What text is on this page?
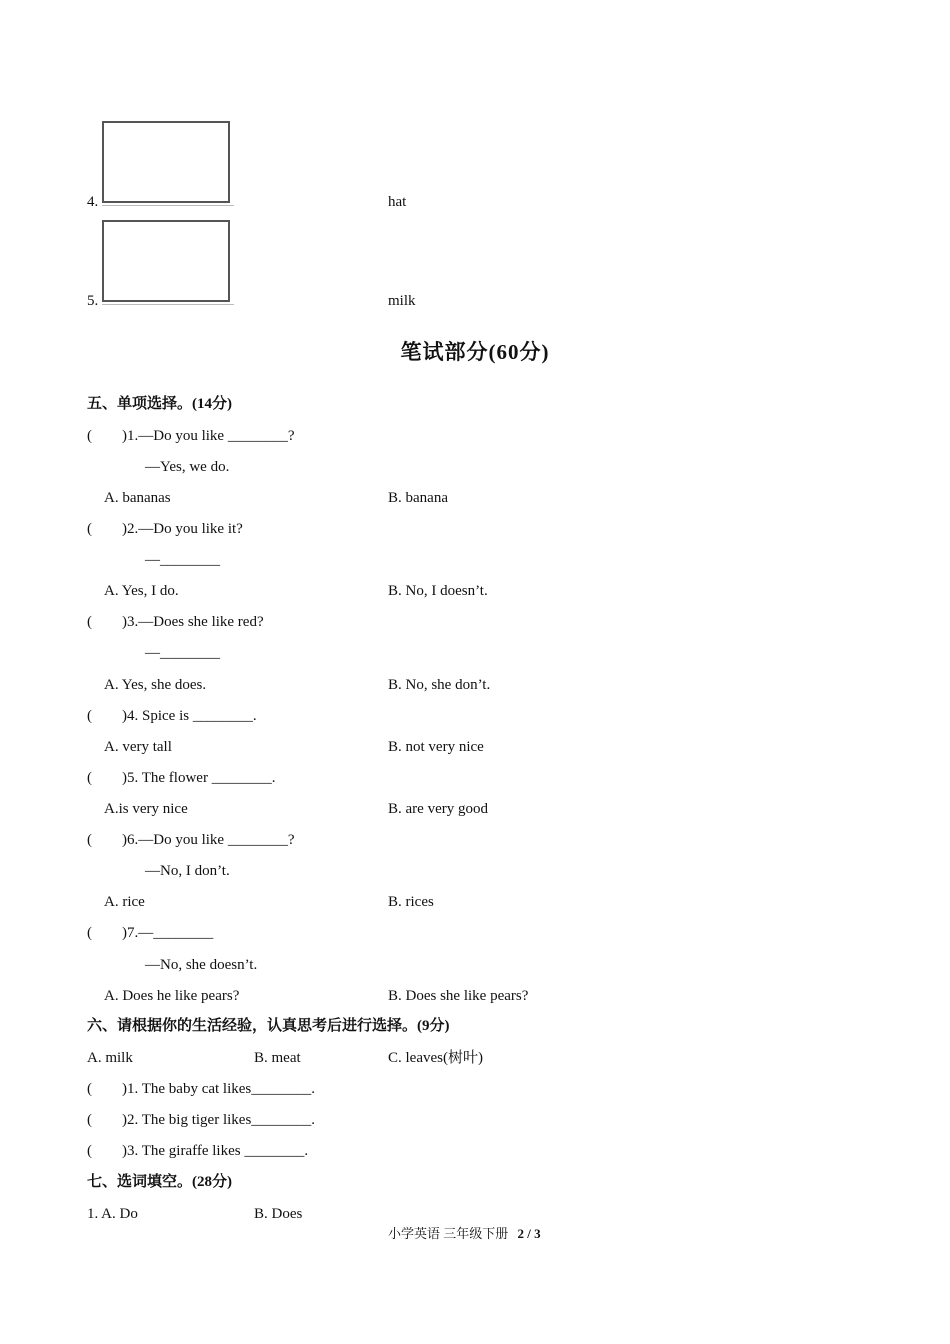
4.	hat
5.	milk
笔试部分(60分)
五、单项选择。(14分)
(　　)1.—Do you like ________?
—Yes, we do.
A. bananas	B. banana
(　　)2.—Do you like it?
—________
A. Yes, I do.	B. No, I doesn’t.
(　　)3.—Does she like red?
—________
A. Yes, she does.	B. No, she don’t.
(　　)4. Spice is ________.
A. very tall	B. not very nice
(　　)5. The flower ________.
A.is very nice	B. are very good
(　　)6.—Do you like ________?
—No, I don’t.
A. rice	B. rices
(　　)7.—________
—No, she doesn’t.
A. Does he like pears?	B. Does she like pears?
六、请根据你的生活经验，认真思考后进行选择。(9分)
A. milk	B. meat	C. leaves(树叶)
(　　)1. The baby cat likes________.
(　　)2. The big tiger likes________.
(　　)3. The giraffe likes ________.
七、选词填空。(28分)
1. A. Do	B. Does
小学英语 三年级下册 2 / 3
